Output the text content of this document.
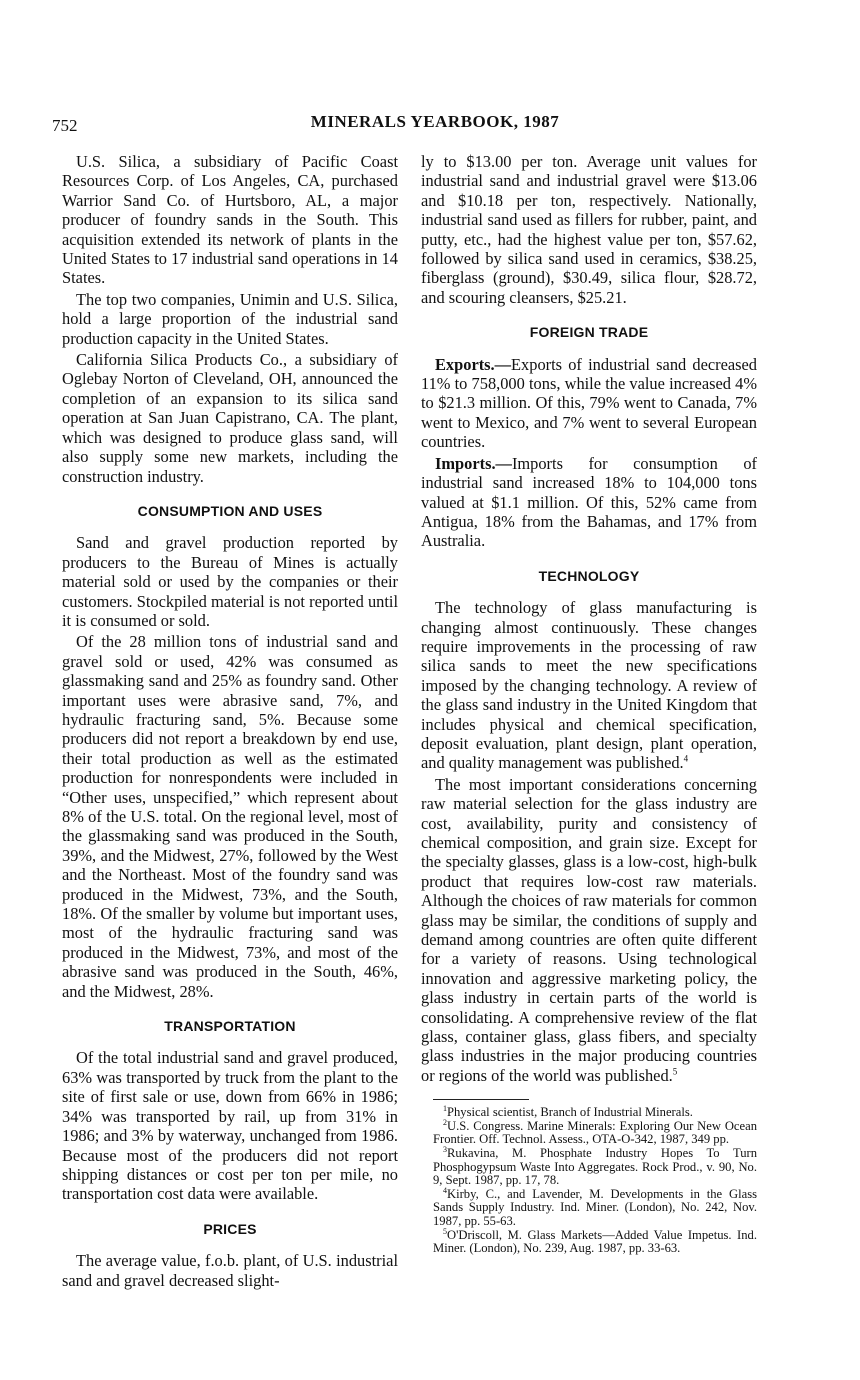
752	MINERALS YEARBOOK, 1987

U.S. Silica, a subsidiary of Pacific Coast Resources Corp. of Los Angeles, CA, purchased Warrior Sand Co. of Hurtsboro, AL, a major producer of foundry sands in the South. This acquisition extended its network of plants in the United States to 17 industrial sand operations in 14 States.

The top two companies, Unimin and U.S. Silica, hold a large proportion of the industrial sand production capacity in the United States.

California Silica Products Co., a subsidiary of Oglebay Norton of Cleveland, OH, announced the completion of an expansion to its silica sand operation at San Juan Capistrano, CA. The plant, which was designed to produce glass sand, will also supply some new markets, including the construction industry.

CONSUMPTION AND USES

Sand and gravel production reported by producers to the Bureau of Mines is actually material sold or used by the companies or their customers. Stockpiled material is not reported until it is consumed or sold.

Of the 28 million tons of industrial sand and gravel sold or used, 42% was consumed as glassmaking sand and 25% as foundry sand. Other important uses were abrasive sand, 7%, and hydraulic fracturing sand, 5%. Because some producers did not report a breakdown by end use, their total production as well as the estimated production for nonrespondents were included in “Other uses, unspecified,” which represent about 8% of the U.S. total. On the regional level, most of the glassmaking sand was produced in the South, 39%, and the Midwest, 27%, followed by the West and the Northeast. Most of the foundry sand was produced in the Midwest, 73%, and the South, 18%. Of the smaller by volume but important uses, most of the hydraulic fracturing sand was produced in the Midwest, 73%, and most of the abrasive sand was produced in the South, 46%, and the Midwest, 28%.

TRANSPORTATION

Of the total industrial sand and gravel produced, 63% was transported by truck from the plant to the site of first sale or use, down from 66% in 1986; 34% was transported by rail, up from 31% in 1986; and 3% by waterway, unchanged from 1986. Because most of the producers did not report shipping distances or cost per ton per mile, no transportation cost data were available.

PRICES

The average value, f.o.b. plant, of U.S. industrial sand and gravel decreased slight-

ly to $13.00 per ton. Average unit values for industrial sand and industrial gravel were $13.06 and $10.18 per ton, respectively. Nationally, industrial sand used as fillers for rubber, paint, and putty, etc., had the highest value per ton, $57.62, followed by silica sand used in ceramics, $38.25, fiberglass (ground), $30.49, silica flour, $28.72, and scouring cleansers, $25.21.

FOREIGN TRADE

Exports.—Exports of industrial sand decreased 11% to 758,000 tons, while the value increased 4% to $21.3 million. Of this, 79% went to Canada, 7% went to Mexico, and 7% went to several European countries.

Imports.—Imports for consumption of industrial sand increased 18% to 104,000 tons valued at $1.1 million. Of this, 52% came from Antigua, 18% from the Bahamas, and 17% from Australia.

TECHNOLOGY

The technology of glass manufacturing is changing almost continuously. These changes require improvements in the processing of raw silica sands to meet the new specifications imposed by the changing technology. A review of the glass sand industry in the United Kingdom that includes physical and chemical specification, deposit evaluation, plant design, plant operation, and quality management was published.$^4$

The most important considerations concerning raw material selection for the glass industry are cost, availability, purity and consistency of chemical composition, and grain size. Except for the specialty glasses, glass is a low-cost, high-bulk product that requires low-cost raw materials. Although the choices of raw materials for common glass may be similar, the conditions of supply and demand among countries are often quite different for a variety of reasons. Using technological innovation and aggressive marketing policy, the glass industry in certain parts of the world is consolidating. A comprehensive review of the flat glass, container glass, glass fibers, and specialty glass industries in the major producing countries or regions of the world was published.$^5$

$^1$Physical scientist, Branch of Industrial Minerals.

$^2$U.S. Congress. Marine Minerals: Exploring Our New Ocean Frontier. Off. Technol. Assess., OTA-O-342, 1987, 349 pp.

$^3$Rukavina, M. Phosphate Industry Hopes To Turn Phosphogypsum Waste Into Aggregates. Rock Prod., v. 90, No. 9, Sept. 1987, pp. 17, 78.

$^4$Kirby, C., and Lavender, M. Developments in the Glass Sands Supply Industry. Ind. Miner. (London), No. 242, Nov. 1987, pp. 55-63.

$^5$O'Driscoll, M. Glass Markets—Added Value Impetus. Ind. Miner. (London), No. 239, Aug. 1987, pp. 33-63.
